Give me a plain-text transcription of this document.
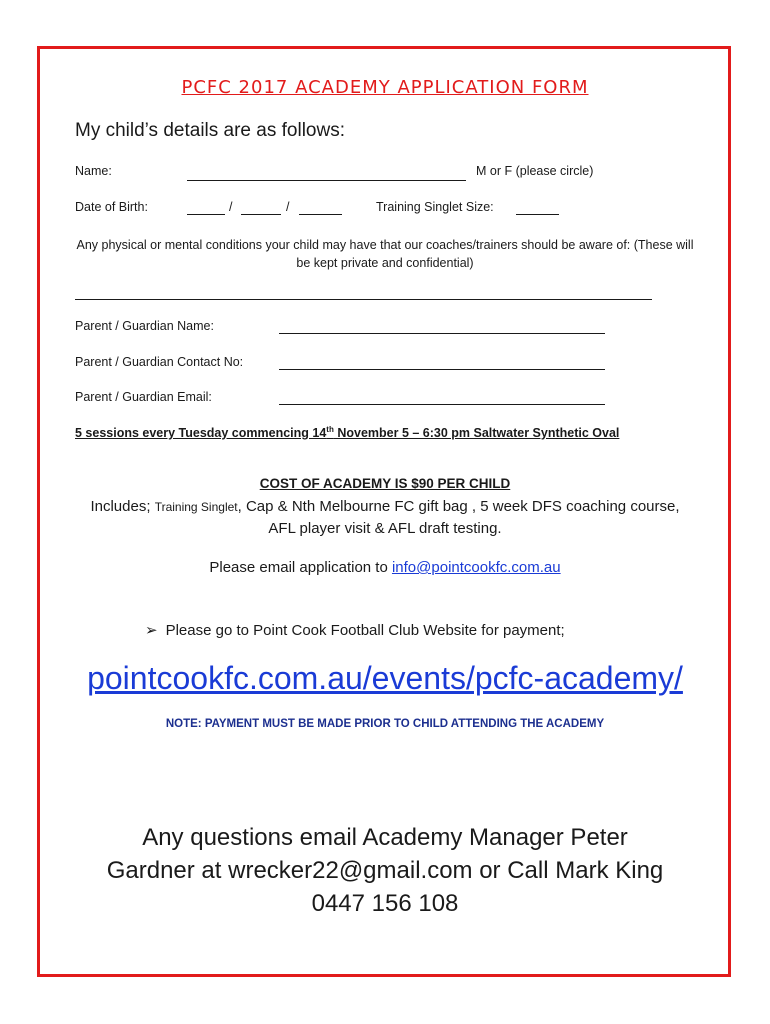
PCFC 2017 ACADEMY APPLICATION FORM
My child’s details are as follows:
Name:	M or F (please circle)
Date of Birth:	/	/	Training Singlet Size:
Any physical or mental conditions your child may have that our coaches/trainers should be aware of: (These will be kept private and confidential)
Parent / Guardian Name:
Parent / Guardian Contact No:
Parent / Guardian Email:
5 sessions every Tuesday commencing 14th November 5 – 6:30 pm Saltwater Synthetic Oval
COST OF ACADEMY IS $90 PER CHILD
Includes; Training Singlet, Cap & Nth Melbourne FC gift bag , 5 week DFS coaching course, AFL player visit & AFL draft testing.
Please email application to info@pointcookfc.com.au
➢ Please go to Point Cook Football Club Website for payment;
pointcookfc.com.au/events/pcfc-academy/
NOTE: PAYMENT MUST BE MADE PRIOR TO CHILD ATTENDING THE ACADEMY
Any questions email Academy Manager Peter Gardner at wrecker22@gmail.com or Call Mark King 0447 156 108
